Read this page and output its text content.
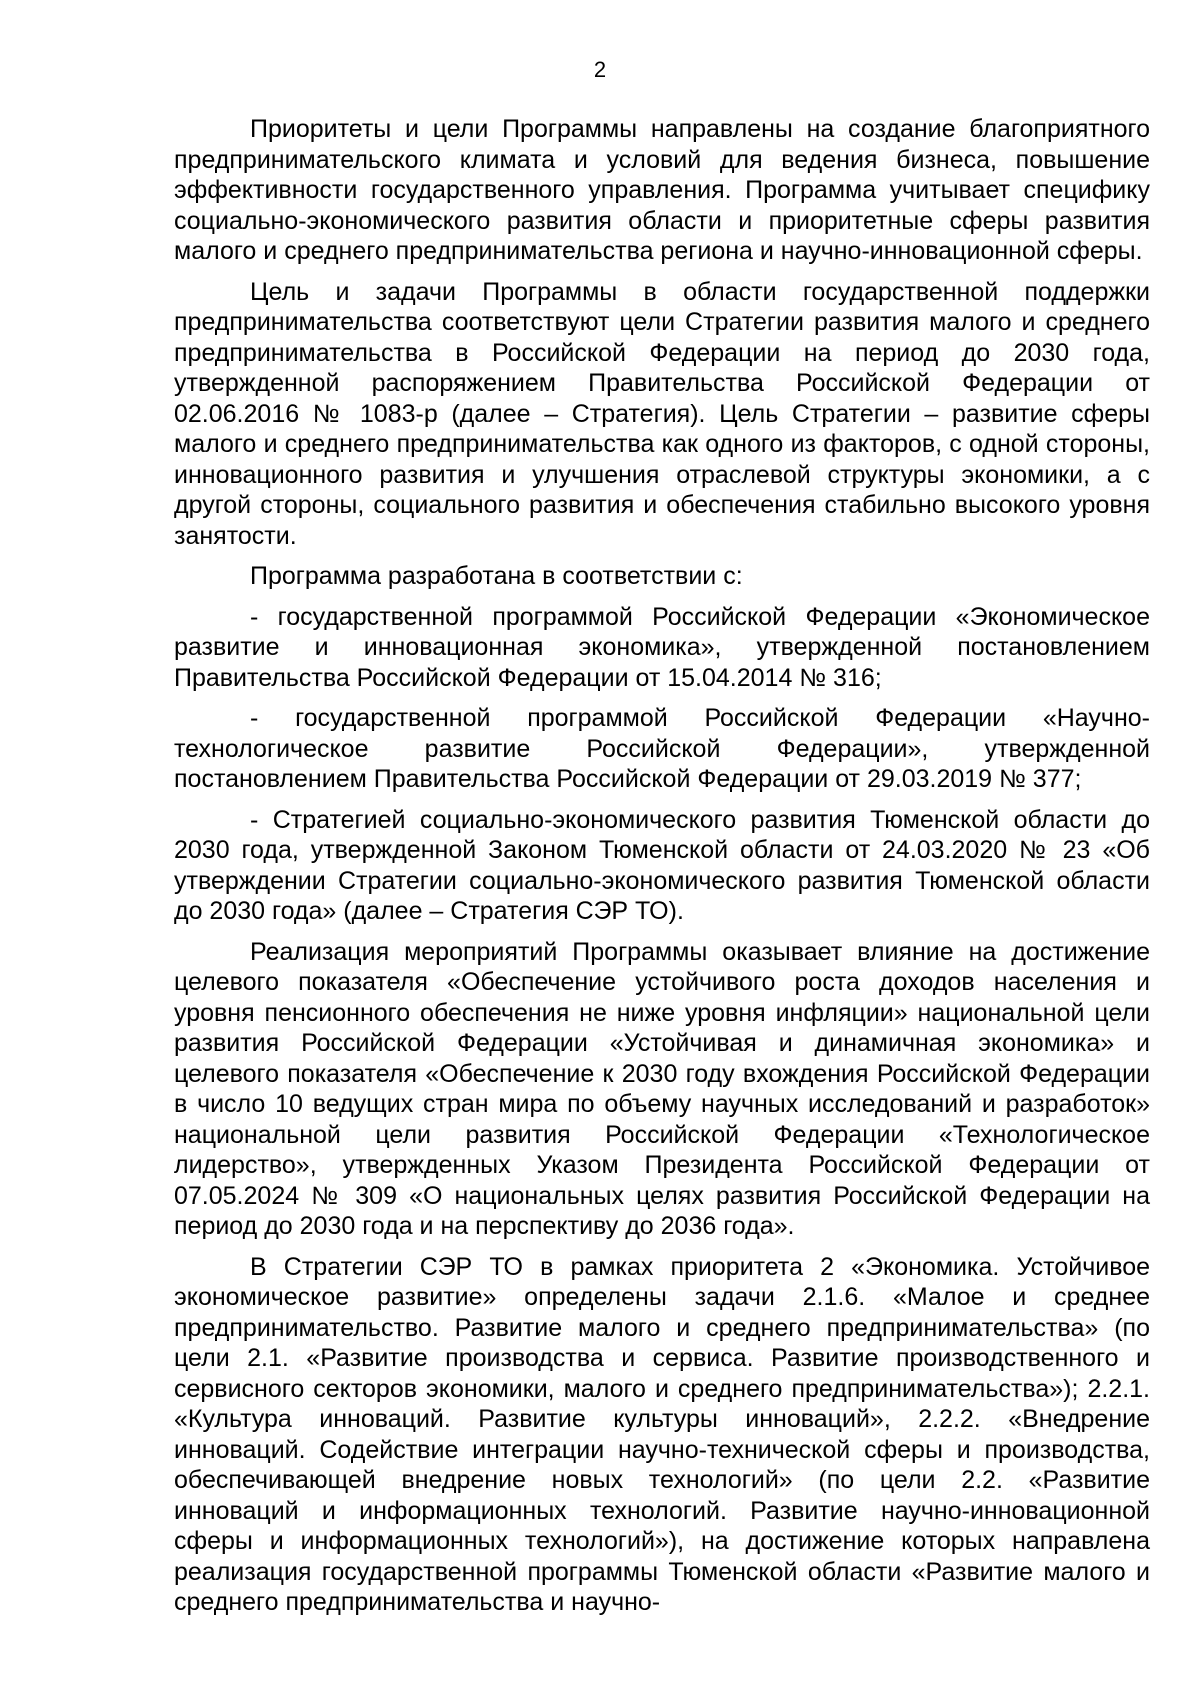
2

Приоритеты и цели Программы направлены на создание благоприятного предпринимательского климата и условий для ведения бизнеса, повышение эффективности государственного управления. Программа учитывает специфику социально-экономического развития области и приоритетные сферы развития малого и среднего предпринимательства региона и научно-инновационной сферы.

Цель и задачи Программы в области государственной поддержки предпринимательства соответствуют цели Стратегии развития малого и среднего предпринимательства в Российской Федерации на период до 2030 года, утвержденной распоряжением Правительства Российской Федерации от 02.06.2016 № 1083-р (далее – Стратегия). Цель Стратегии – развитие сферы малого и среднего предпринимательства как одного из факторов, с одной стороны, инновационного развития и улучшения отраслевой структуры экономики, а с другой стороны, социального развития и обеспечения стабильно высокого уровня занятости.

Программа разработана в соответствии с:

- государственной программой Российской Федерации «Экономическое развитие и инновационная экономика», утвержденной постановлением Правительства Российской Федерации от 15.04.2014 № 316;

- государственной программой Российской Федерации «Научно-технологическое развитие Российской Федерации», утвержденной постановлением Правительства Российской Федерации от 29.03.2019 № 377;

- Стратегией социально-экономического развития Тюменской области до 2030 года, утвержденной Законом Тюменской области от 24.03.2020 № 23 «Об утверждении Стратегии социально-экономического развития Тюменской области до 2030 года» (далее – Стратегия СЭР ТО).

Реализация мероприятий Программы оказывает влияние на достижение целевого показателя «Обеспечение устойчивого роста доходов населения и уровня пенсионного обеспечения не ниже уровня инфляции» национальной цели развития Российской Федерации «Устойчивая и динамичная экономика» и целевого показателя «Обеспечение к 2030 году вхождения Российской Федерации в число 10 ведущих стран мира по объему научных исследований и разработок» национальной цели развития Российской Федерации «Технологическое лидерство», утвержденных Указом Президента Российской Федерации от 07.05.2024 № 309 «О национальных целях развития Российской Федерации на период до 2030 года и на перспективу до 2036 года».

В Стратегии СЭР ТО в рамках приоритета 2 «Экономика. Устойчивое экономическое развитие» определены задачи 2.1.6. «Малое и среднее предпринимательство. Развитие малого и среднего предпринимательства» (по цели 2.1. «Развитие производства и сервиса. Развитие производственного и сервисного секторов экономики, малого и среднего предпринимательства»); 2.2.1. «Культура инноваций. Развитие культуры инноваций», 2.2.2. «Внедрение инноваций. Содействие интеграции научно-технической сферы и производства, обеспечивающей внедрение новых технологий» (по цели 2.2. «Развитие инноваций и информационных технологий. Развитие научно-инновационной сферы и информационных технологий»), на достижение которых направлена реализация государственной программы Тюменской области «Развитие малого и среднего предпринимательства и научно-
